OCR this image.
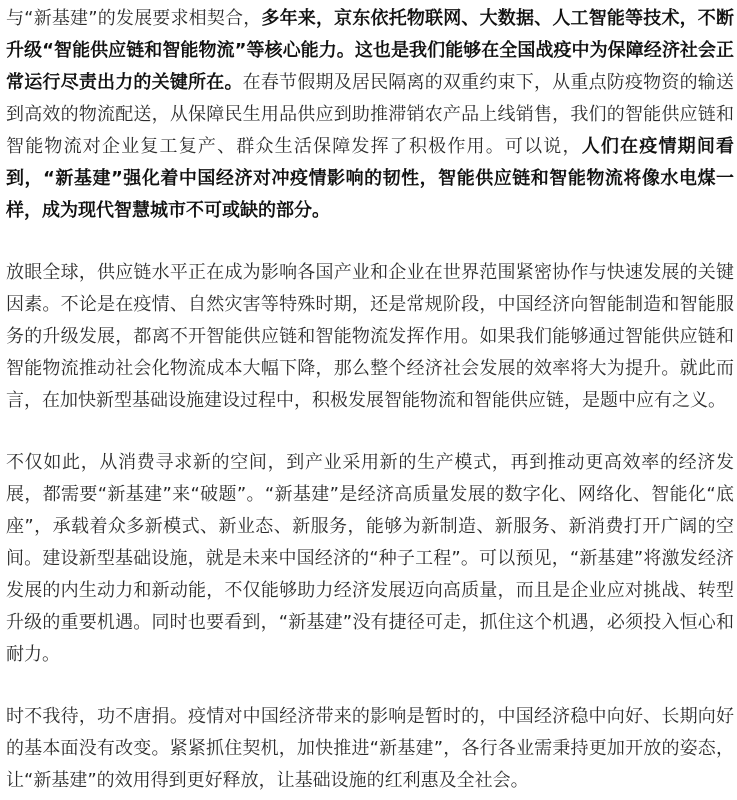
与“新基建”的发展要求相契合，多年来，京东依托物联网、大数据、人工智能等技术，不断升级“智能供应链和智能物流”等核心能力。这也是我们能够在全国战疫中为保障经济社会正常运行尽责出力的关键所在。在春节假期及居民隔离的双重约束下，从重点防疫物资的输送到高效的物流配送，从保障民生用品供应到助推滞销农产品上线销售，我们的智能供应链和智能物流对企业复工复产、群众生活保障发挥了积极作用。可以说，人们在疫情期间看到，“新基建”强化着中国经济对冲疫情影响的韧性，智能供应链和智能物流将像水电煤一样，成为现代智慧城市不可或缺的部分。

放眼全球，供应链水平正在成为影响各国产业和企业在世界范围紧密协作与快速发展的关键因素。不论是在疫情、自然灾害等特殊时期，还是常规阶段，中国经济向智能制造和智能服务的升级发展，都离不开智能供应链和智能物流发挥作用。如果我们能够通过智能供应链和智能物流推动社会化物流成本大幅下降，那么整个经济社会发展的效率将大为提升。就此而言，在加快新型基础设施建设过程中，积极发展智能物流和智能供应链，是题中应有之义。

不仅如此，从消费寻求新的空间，到产业采用新的生产模式，再到推动更高效率的经济发展，都需要“新基建”来“破题”。“新基建”是经济高质量发展的数字化、网络化、智能化“底座”，承载着众多新模式、新业态、新服务，能够为新制造、新服务、新消费打开广阔的空间。建设新型基础设施，就是未来中国经济的“种子工程”。可以预见，“新基建”将激发经济发展的内生动力和新动能，不仅能够助力经济发展迈向高质量，而且是企业应对挑战、转型升级的重要机遇。同时也要看到，“新基建”没有捷径可走，抓住这个机遇，必须投入恒心和耐力。

时不我待，功不唐捐。疫情对中国经济带来的影响是暂时的，中国经济稳中向好、长期向好的基本面没有改变。紧紧抓住契机，加快推进“新基建”，各行各业需秉持更加开放的姿态，让“新基建”的效用得到更好释放，让基础设施的红利惠及全社会。
